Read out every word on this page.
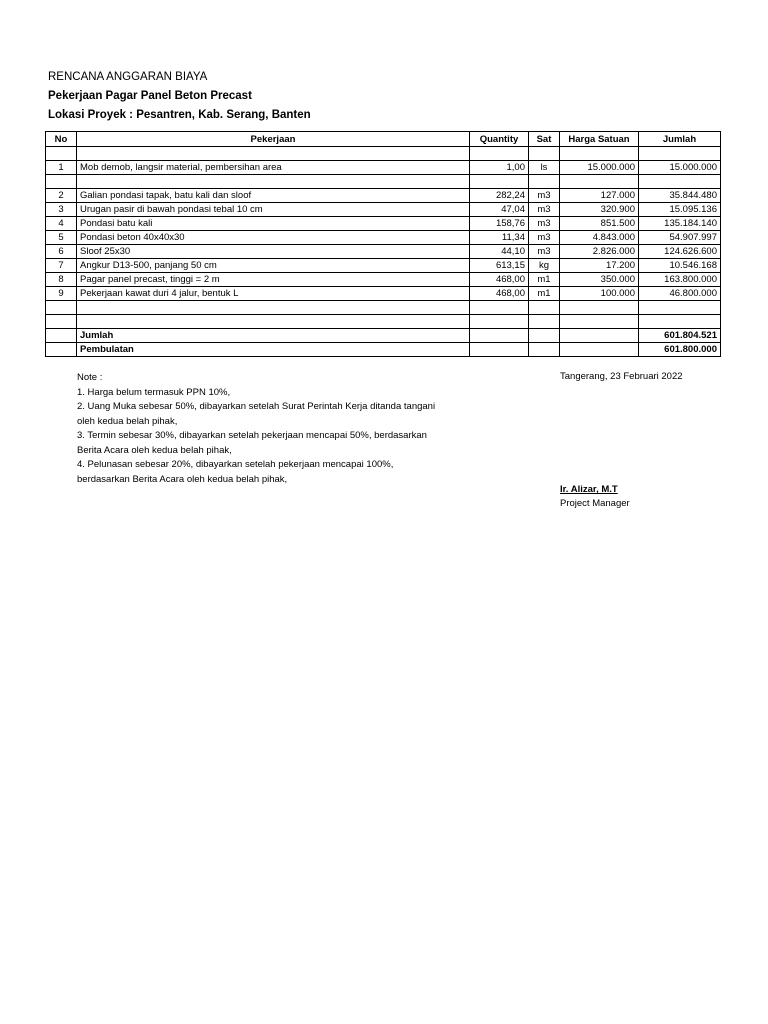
RENCANA ANGGARAN BIAYA
Pekerjaan Pagar Panel Beton Precast
Lokasi Proyek : Pesantren, Kab. Serang, Banten
No	Pekerjaan	Quantity	Sat	Harga Satuan	Jumlah

1	Mob demob, langsir material, pembersihan area	1,00	ls	15.000.000	15.000.000

2	Galian pondasi tapak, batu kali dan sloof	282,24	m3	127.000	35.844.480
3	Urugan pasir di bawah pondasi tebal 10 cm	47,04	m3	320.900	15.095.136
4	Pondasi batu kali	158,76	m3	851.500	135.184.140
5	Pondasi beton 40x40x30	11,34	m3	4.843.000	54.907.997
6	Sloof 25x30	44,10	m3	2.826.000	124.626.600
7	Angkur D13-500, panjang 50 cm	613,15	kg	17.200	10.546.168
8	Pagar panel precast, tinggi = 2 m	468,00	m1	350.000	163.800.000
9	Pekerjaan kawat duri 4 jalur, bentuk L	468,00	m1	100.000	46.800.000

	Jumlah				601.804.521
	Pembulatan				601.800.000
Note :
1. Harga belum termasuk PPN 10%,
2. Uang Muka sebesar 50%, dibayarkan setelah Surat Perintah Kerja ditanda tangani
oleh kedua belah pihak,
3. Termin sebesar 30%, dibayarkan setelah pekerjaan mencapai 50%, berdasarkan
Berita Acara oleh kedua belah pihak,
4. Pelunasan sebesar 20%, dibayarkan setelah pekerjaan mencapai 100%,
berdasarkan Berita Acara oleh kedua belah pihak,
Tangerang, 23 Februari 2022
Ir. Alizar, M.T
Project Manager
